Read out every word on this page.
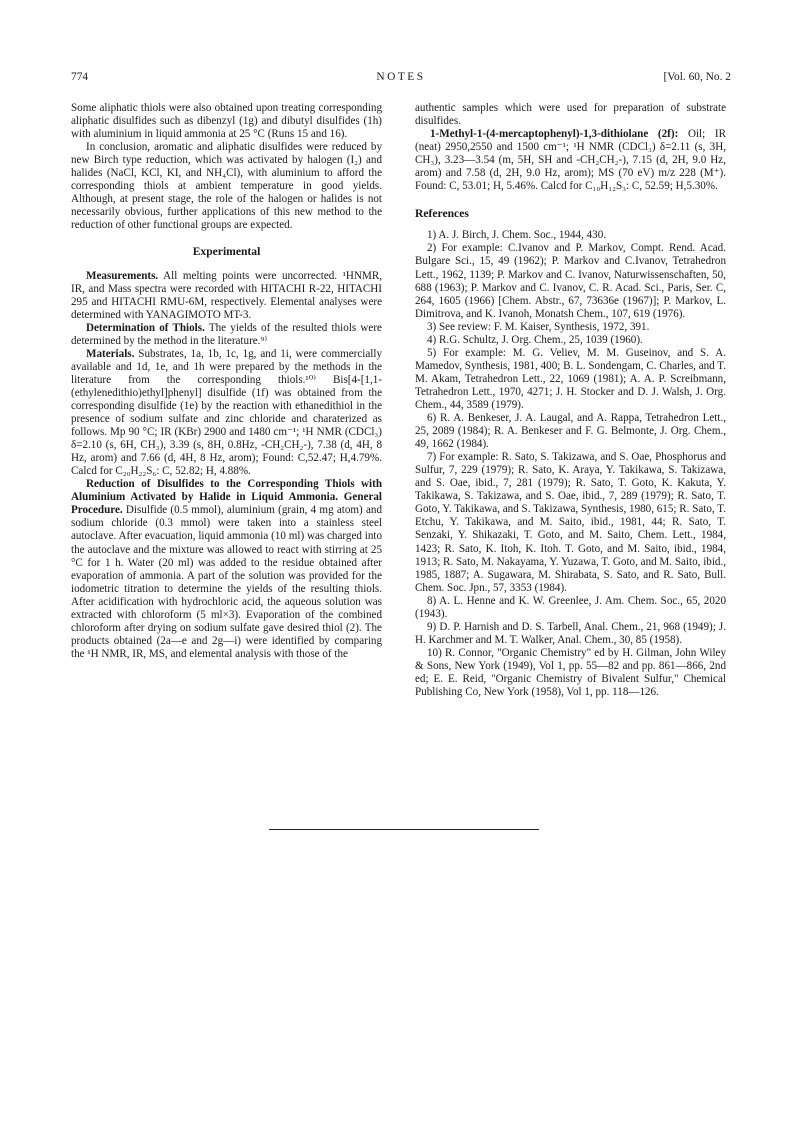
774	NOTES	[Vol. 60, No. 2

Some aliphatic thiols were also obtained upon treating corresponding aliphatic disulfides such as dibenzyl (1g) and dibutyl disulfides (1h) with aluminium in liquid ammonia at 25 °C (Runs 15 and 16).

In conclusion, aromatic and aliphatic disulfides were reduced by new Birch type reduction, which was activated by halogen (I₂) and halides (NaCl, KCl, KI, and NH₄Cl), with aluminium to afford the corresponding thiols at ambient temperature in good yields. Although, at present stage, the role of the halogen or halides is not necessarily obvious, further applications of this new method to the reduction of other functional groups are expected.

Experimental

Measurements. All melting points were uncorrected. ¹HNMR, IR, and Mass spectra were recorded with HITACHI R-22, HITACHI 295 and HITACHI RMU-6M, respectively. Elemental analyses were determined with YANAGIMOTO MT-3.

Determination of Thiols. The yields of the resulted thiols were determined by the method in the literature.⁹⁾

Materials. Substrates, 1a, 1b, 1c, 1g, and 1i, were commercially available and 1d, 1e, and 1h were prepared by the methods in the literature from the corresponding thiols.¹⁰⁾ Bis[4-[1,1-(ethylenedithio)ethyl]phenyl] disulfide (1f) was obtained from the corresponding disulfide (1e) by the reaction with ethanedithiol in the presence of sodium sulfate and zinc chloride and charaterized as follows. Mp 90 °C; IR (KBr) 2900 and 1480 cm⁻¹; ¹H NMR (CDCl₃) δ=2.10 (s, 6H, CH₃), 3.39 (s, 8H, 0.8Hz, -CH₂CH₂-), 7.38 (d, 4H, 8 Hz, arom) and 7.66 (d, 4H, 8 Hz, arom); Found: C,52.47; H,4.79%. Calcd for C₂₀H₂₂S₆: C, 52.82; H, 4.88%.

Reduction of Disulfides to the Corresponding Thiols with Aluminium Activated by Halide in Liquid Ammonia. General Procedure. Disulfide (0.5 mmol), aluminium (grain, 4 mg atom) and sodium chloride (0.3 mmol) were taken into a stainless steel autoclave. After evacuation, liquid ammonia (10 ml) was charged into the autoclave and the mixture was allowed to react with stirring at 25 °C for 1 h. Water (20 ml) was added to the residue obtained after evaporation of ammonia. A part of the solution was provided for the iodometric titration to determine the yields of the resulting thiols. After acidification with hydrochloric acid, the aqueous solution was extracted with chloroform (5 ml×3). Evaporation of the combined chloroform after drying on sodium sulfate gave desired thiol (2). The products obtained (2a—e and 2g—i) were identified by comparing the ¹H NMR, IR, MS, and elemental analysis with those of the

authentic samples which were used for preparation of substrate disulfides.

1-Methyl-1-(4-mercaptophenyl)-1,3-dithiolane (2f): Oil; IR (neat) 2950,2550 and 1500 cm⁻¹; ¹H NMR (CDCl₃) δ=2.11 (s, 3H, CH₃), 3.23—3.54 (m, 5H, SH and -CH₂CH₂-), 7.15 (d, 2H, 9.0 Hz, arom) and 7.58 (d, 2H, 9.0 Hz, arom); MS (70 eV) m/z 228 (M⁺). Found: C, 53.01; H, 5.46%. Calcd for C₁₀H₁₂S₃: C, 52.59; H,5.30%.

References
1) A. J. Birch, J. Chem. Soc., 1944, 430.
2) For example: C.Ivanov and P. Markov, Compt. Rend. Acad. Bulgare Sci., 15, 49 (1962); P. Markov and C.Ivanov, Tetrahedron Lett., 1962, 1139; P. Markov and C. Ivanov, Naturwissenschaften, 50, 688 (1963); P. Markov and C. Ivanov, C. R. Acad. Sci., Paris, Ser. C, 264, 1605 (1966) [Chem. Abstr., 67, 73636e (1967)]; P. Markov, L. Dimitrova, and K. Ivanoh, Monatsh Chem., 107, 619 (1976).
3) See review: F. M. Kaiser, Synthesis, 1972, 391.
4) R.G. Schultz, J. Org. Chem., 25, 1039 (1960).
5) For example: M. G. Veliev, M. M. Guseinov, and S. A. Mamedov, Synthesis, 1981, 400; B. L. Sondengam, C. Charles, and T. M. Akam, Tetrahedron Lett., 22, 1069 (1981); A. A. P. Screibmann, Tetrahedron Lett., 1970, 4271; J. H. Stocker and D. J. Walsh, J. Org. Chem., 44, 3589 (1979).
6) R. A. Benkeser, J. A. Laugal, and A. Rappa, Tetrahedron Lett., 25, 2089 (1984); R. A. Benkeser and F. G. Belmonte, J. Org. Chem., 49, 1662 (1984).
7) For example: R. Sato, S. Takizawa, and S. Oae, Phosphorus and Sulfur, 7, 229 (1979); R. Sato, K. Araya, Y. Takikawa, S. Takizawa, and S. Oae, ibid., 7, 281 (1979); R. Sato, T. Goto, K. Kakuta, Y. Takikawa, S. Takizawa, and S. Oae, ibid., 7, 289 (1979); R. Sato, T. Goto, Y. Takikawa, and S. Takizawa, Synthesis, 1980, 615; R. Sato, T. Etchu, Y. Takikawa, and M. Saito, ibid., 1981, 44; R. Sato, T. Senzaki, Y. Shikazaki, T. Goto, and M. Saito, Chem. Lett., 1984, 1423; R. Sato, K. Itoh, K. Itoh. T. Goto, and M. Saito, ibid., 1984, 1913; R. Sato, M. Nakayama, Y. Yuzawa, T. Goto, and M. Saito, ibid., 1985, 1887; A. Sugawara, M. Shirabata, S. Sato, and R. Sato, Bull. Chem. Soc. Jpn., 57, 3353 (1984).
8) A. L. Henne and K. W. Greenlee, J. Am. Chem. Soc., 65, 2020 (1943).
9) D. P. Harnish and D. S. Tarbell, Anal. Chem., 21, 968 (1949); J. H. Karchmer and M. T. Walker, Anal. Chem., 30, 85 (1958).
10) R. Connor, "Organic Chemistry" ed by H. Gilman, John Wiley & Sons, New York (1949), Vol 1, pp. 55—82 and pp. 861—866, 2nd ed; E. E. Reid, "Organic Chemistry of Bivalent Sulfur," Chemical Publishing Co, New York (1958), Vol 1, pp. 118—126.
